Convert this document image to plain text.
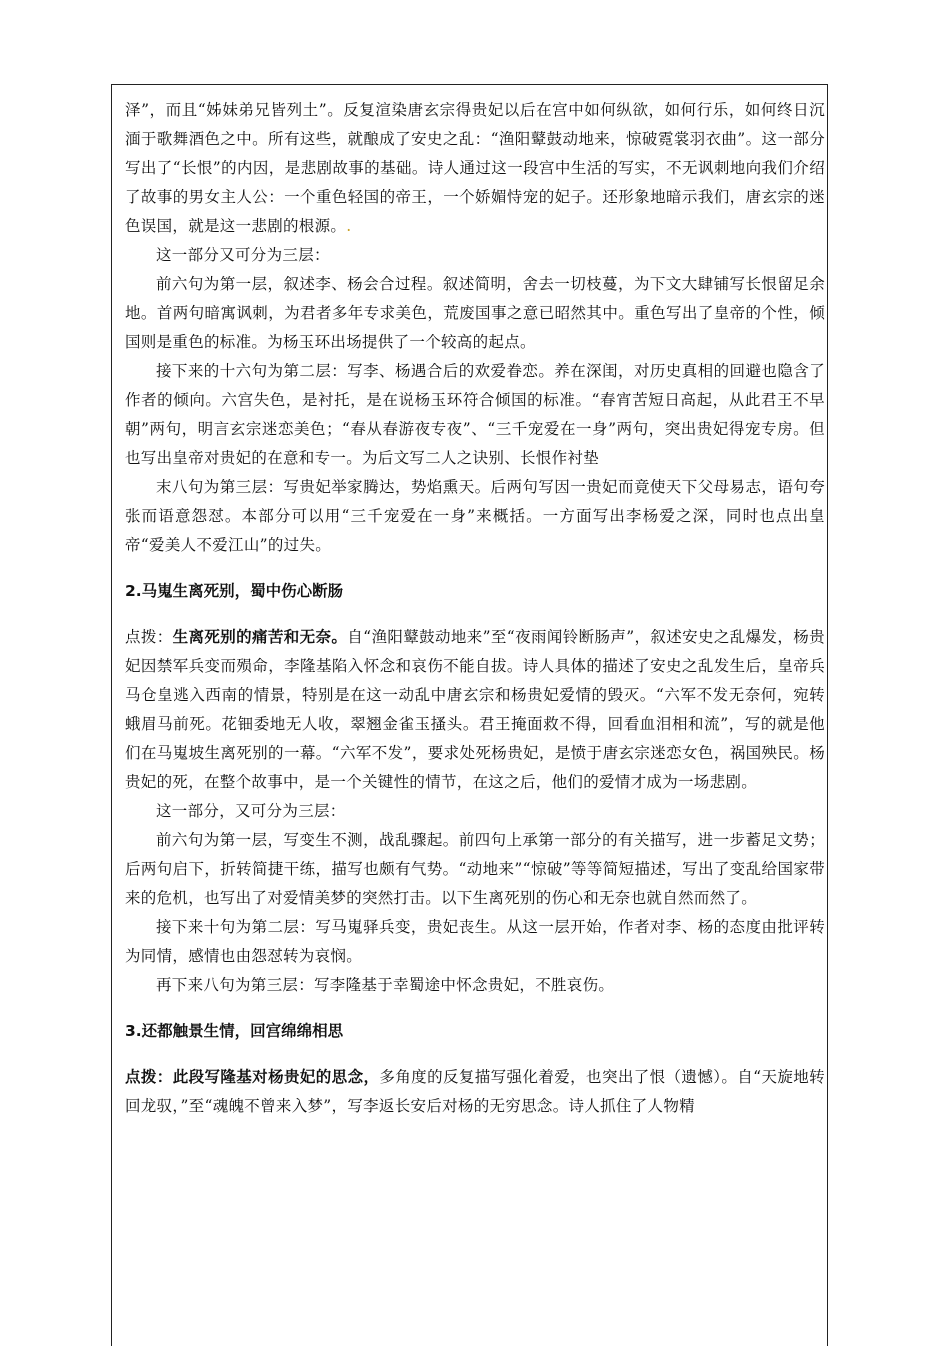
泽”，而且“姊妹弟兄皆列土”。反复渲染唐玄宗得贵妃以后在宫中如何纵欲，如何行乐，如何终日沉湎于歌舞酒色之中。所有这些，就酿成了安史之乱：“渔阳鼙鼓动地来，惊破霓裳羽衣曲”。这一部分写出了“长恨”的内因，是悲剧故事的基础。诗人通过这一段宫中生活的写实，不无讽刺地向我们介绍了故事的男女主人公：一个重色轻国的帝王，一个娇媚恃宠的妃子。还形象地暗示我们，唐玄宗的迷色误国，就是这一悲剧的根源。.

这一部分又可分为三层：

前六句为第一层，叙述李、杨会合过程。叙述简明，舍去一切枝蔓，为下文大肆铺写长恨留足余地。首两句暗寓讽刺，为君者多年专求美色，荒废国事之意已昭然其中。重色写出了皇帝的个性，倾国则是重色的标准。为杨玉环出场提供了一个较高的起点。

接下来的十六句为第二层：写李、杨遇合后的欢爱眷恋。养在深闺，对历史真相的回避也隐含了作者的倾向。六宫失色，是衬托，是在说杨玉环符合倾国的标准。“春宵苦短日高起，从此君王不早朝”两句，明言玄宗迷恋美色；“春从春游夜专夜”、“三千宠爱在一身”两句，突出贵妃得宠专房。但也写出皇帝对贵妃的在意和专一。为后文写二人之诀别、长恨作衬垫

末八句为第三层：写贵妃举家腾达，势焰熏天。后两句写因一贵妃而竟使天下父母易志，语句夸张而语意怨怼。本部分可以用“三千宠爱在一身”来概括。一方面写出李杨爱之深，同时也点出皇帝“爱美人不爱江山”的过失。

2.马嵬生离死别，蜀中伤心断肠

点拨：生离死别的痛苦和无奈。自“渔阳鼙鼓动地来”至“夜雨闻铃断肠声”，叙述安史之乱爆发，杨贵妃因禁军兵变而殒命，李隆基陷入怀念和哀伤不能自拔。诗人具体的描述了安史之乱发生后，皇帝兵马仓皇逃入西南的情景，特别是在这一动乱中唐玄宗和杨贵妃爱情的毁灭。“六军不发无奈何，宛转蛾眉马前死。花钿委地无人收，翠翘金雀玉搔头。君王掩面救不得，回看血泪相和流”，写的就是他们在马嵬坡生离死别的一幕。“六军不发”，要求处死杨贵妃，是愤于唐玄宗迷恋女色，祸国殃民。杨贵妃的死，在整个故事中，是一个关键性的情节，在这之后，他们的爱情才成为一场悲剧。

这一部分，又可分为三层：

前六句为第一层，写变生不测，战乱骤起。前四句上承第一部分的有关描写，进一步蓄足文势；后两句启下，折转简捷干练，描写也颇有气势。“动地来”“惊破”等等简短描述，写出了变乱给国家带来的危机，也写出了对爱情美梦的突然打击。以下生离死别的伤心和无奈也就自然而然了。

接下来十句为第二层：写马嵬驿兵变，贵妃丧生。从这一层开始，作者对李、杨的态度由批评转为同情，感情也由怨怼转为哀悯。

再下来八句为第三层：写李隆基于幸蜀途中怀念贵妃，不胜哀伤。

3.还都触景生情，回宫绵绵相思

点拨：此段写隆基对杨贵妃的思念，多角度的反复描写强化着爱，也突出了恨（遗憾）。自“天旋地转回龙驭，”至“魂魄不曾来入梦”，写李返长安后对杨的无穷思念。诗人抓住了人物精
